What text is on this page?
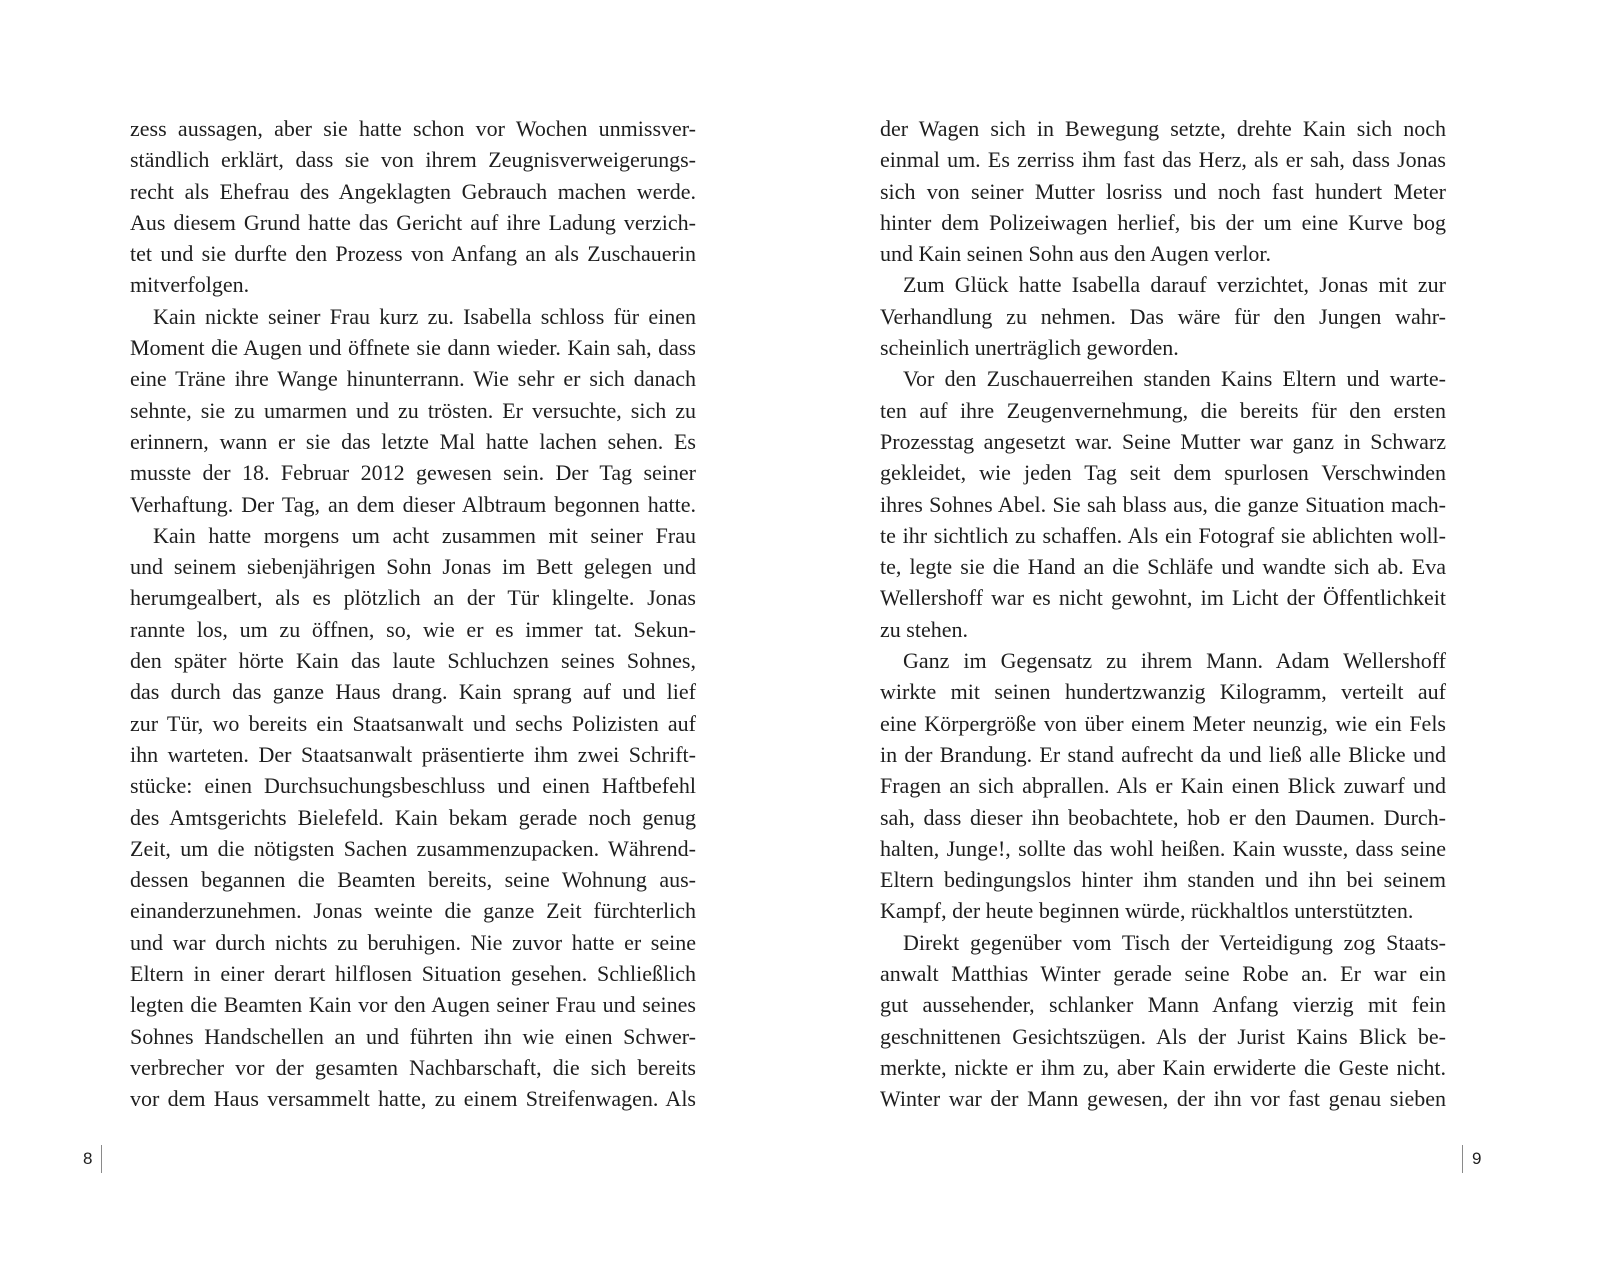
zess aussagen, aber sie hatte schon vor Wochen unmissver-
ständlich erklärt, dass sie von ihrem Zeugnisverweigerungs-
recht als Ehefrau des Angeklagten Gebrauch machen werde.
Aus diesem Grund hatte das Gericht auf ihre Ladung verzich-
tet und sie durfte den Prozess von Anfang an als Zuschauerin
mitverfolgen.
Kain nickte seiner Frau kurz zu. Isabella schloss für einen
Moment die Augen und öffnete sie dann wieder. Kain sah, dass
eine Träne ihre Wange hinunterrann. Wie sehr er sich danach
sehnte, sie zu umarmen und zu trösten. Er versuchte, sich zu
erinnern, wann er sie das letzte Mal hatte lachen sehen. Es
musste der 18. Februar 2012 gewesen sein. Der Tag seiner
Verhaftung. Der Tag, an dem dieser Albtraum begonnen hatte.
Kain hatte morgens um acht zusammen mit seiner Frau
und seinem siebenjährigen Sohn Jonas im Bett gelegen und
herumgealbert, als es plötzlich an der Tür klingelte. Jonas
rannte los, um zu öffnen, so, wie er es immer tat. Sekun-
den später hörte Kain das laute Schluchzen seines Sohnes,
das durch das ganze Haus drang. Kain sprang auf und lief
zur Tür, wo bereits ein Staatsanwalt und sechs Polizisten auf
ihn warteten. Der Staatsanwalt präsentierte ihm zwei Schrift-
stücke: einen Durchsuchungsbeschluss und einen Haftbefehl
des Amtsgerichts Bielefeld. Kain bekam gerade noch genug
Zeit, um die nötigsten Sachen zusammenzupacken. Während-
dessen begannen die Beamten bereits, seine Wohnung aus-
einanderzunehmen. Jonas weinte die ganze Zeit fürchterlich
und war durch nichts zu beruhigen. Nie zuvor hatte er seine
Eltern in einer derart hilflosen Situation gesehen. Schließlich
legten die Beamten Kain vor den Augen seiner Frau und seines
Sohnes Handschellen an und führten ihn wie einen Schwer-
verbrecher vor der gesamten Nachbarschaft, die sich bereits
vor dem Haus versammelt hatte, zu einem Streifenwagen. Als
8
der Wagen sich in Bewegung setzte, drehte Kain sich noch
einmal um. Es zerriss ihm fast das Herz, als er sah, dass Jonas
sich von seiner Mutter losriss und noch fast hundert Meter
hinter dem Polizeiwagen herlief, bis der um eine Kurve bog
und Kain seinen Sohn aus den Augen verlor.
Zum Glück hatte Isabella darauf verzichtet, Jonas mit zur
Verhandlung zu nehmen. Das wäre für den Jungen wahr-
scheinlich unerträglich geworden.
Vor den Zuschauerreihen standen Kains Eltern und warte-
ten auf ihre Zeugenvernehmung, die bereits für den ersten
Prozesstag angesetzt war. Seine Mutter war ganz in Schwarz
gekleidet, wie jeden Tag seit dem spurlosen Verschwinden
ihres Sohnes Abel. Sie sah blass aus, die ganze Situation mach-
te ihr sichtlich zu schaffen. Als ein Fotograf sie ablichten woll-
te, legte sie die Hand an die Schläfe und wandte sich ab. Eva
Wellershoff war es nicht gewohnt, im Licht der Öffentlichkeit
zu stehen.
Ganz im Gegensatz zu ihrem Mann. Adam Wellershoff
wirkte mit seinen hundertzwanzig Kilogramm, verteilt auf
eine Körpergröße von über einem Meter neunzig, wie ein Fels
in der Brandung. Er stand aufrecht da und ließ alle Blicke und
Fragen an sich abprallen. Als er Kain einen Blick zuwarf und
sah, dass dieser ihn beobachtete, hob er den Daumen. Durch-
halten, Junge!, sollte das wohl heißen. Kain wusste, dass seine
Eltern bedingungslos hinter ihm standen und ihn bei seinem
Kampf, der heute beginnen würde, rückhaltlos unterstützten.
Direkt gegenüber vom Tisch der Verteidigung zog Staats-
anwalt Matthias Winter gerade seine Robe an. Er war ein
gut aussehender, schlanker Mann Anfang vierzig mit fein
geschnittenen Gesichtszügen. Als der Jurist Kains Blick be-
merkte, nickte er ihm zu, aber Kain erwiderte die Geste nicht.
Winter war der Mann gewesen, der ihn vor fast genau sieben
9
